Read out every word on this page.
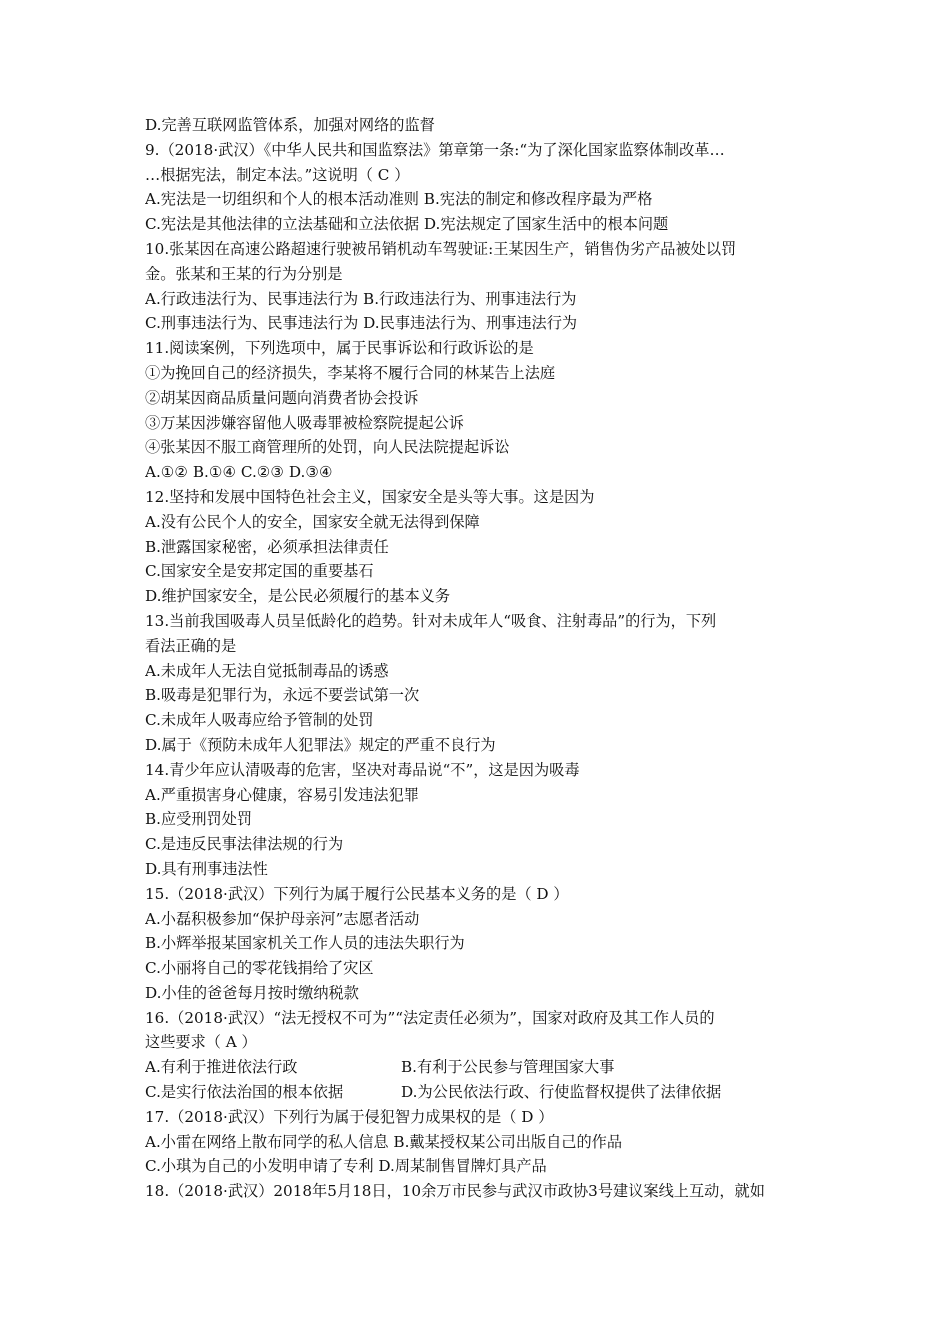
D.完善互联网监管体系，加强对网络的监督
9.（2018·武汉）《中华人民共和国监察法》第章第一条:“为了深化国家监察体制改革…
…根据宪法，制定本法。”这说明（ C ）
A.宪法是一切组织和个人的根本活动准则 B.宪法的制定和修改程序最为严格
C.宪法是其他法律的立法基础和立法依据 D.宪法规定了国家生活中的根本问题
10.张某因在高速公路超速行驶被吊销机动车驾驶证:王某因生产，销售伪劣产品被处以罚
金。张某和王某的行为分别是
A.行政违法行为、民事违法行为 B.行政违法行为、刑事违法行为
C.刑事违法行为、民事违法行为 D.民事违法行为、刑事违法行为
11.阅读案例，下列选项中，属于民事诉讼和行政诉讼的是
①为挽回自己的经济损失，李某将不履行合同的林某告上法庭
②胡某因商品质量问题向消费者协会投诉
③万某因涉嫌容留他人吸毒罪被检察院提起公诉
④张某因不服工商管理所的处罚，向人民法院提起诉讼
A.①② B.①④ C.②③ D.③④
12.坚持和发展中国特色社会主义，国家安全是头等大事。这是因为
A.没有公民个人的安全，国家安全就无法得到保障
B.泄露国家秘密，必须承担法律责任
C.国家安全是安邦定国的重要基石
D.维护国家安全，是公民必须履行的基本义务
13.当前我国吸毒人员呈低龄化的趋势。针对未成年人“吸食、注射毒品”的行为，下列
看法正确的是
A.未成年人无法自觉抵制毒品的诱惑
B.吸毒是犯罪行为，永远不要尝试第一次
C.未成年人吸毒应给予管制的处罚
D.属于《预防未成年人犯罪法》规定的严重不良行为
14.青少年应认清吸毒的危害，坚决对毒品说“不”，这是因为吸毒
A.严重损害身心健康，容易引发违法犯罪
B.应受刑罚处罚
C.是违反民事法律法规的行为
D.具有刑事违法性
15.（2018·武汉）下列行为属于履行公民基本义务的是（ D ）
A.小磊积极参加“保护母亲河”志愿者活动
B.小辉举报某国家机关工作人员的违法失职行为
C.小丽将自己的零花钱捐给了灾区
D.小佳的爸爸每月按时缴纳税款
16.（2018·武汉）“法无授权不可为”“法定责任必须为”，国家对政府及其工作人员的
这些要求（ A ）
A.有利于推进依法行政	B.有利于公民参与管理国家大事
C.是实行依法治国的根本依据	D.为公民依法行政、行使监督权提供了法律依据
17.（2018·武汉）下列行为属于侵犯智力成果权的是（ D ）
A.小雷在网络上散布同学的私人信息 B.戴某授权某公司出版自己的作品
C.小琪为自己的小发明申请了专利 D.周某制售冒牌灯具产品
18.（2018·武汉）2018年5月18日，10余万市民参与武汉市政协3号建议案线上互动，就如
